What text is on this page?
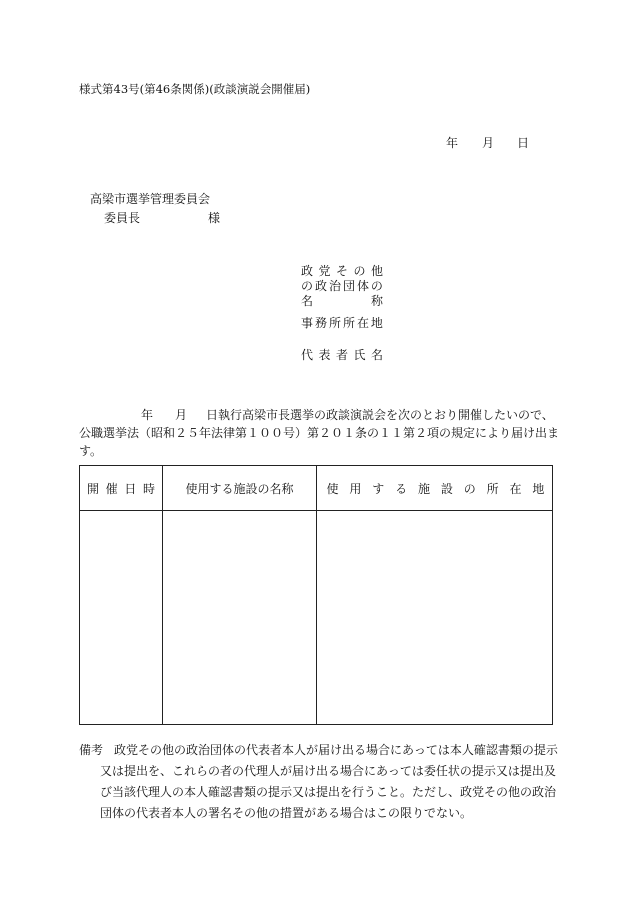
様式第43号(第46条関係)(政談演説会開催届)
年 月 日
高梁市選挙管理委員会
委員長	様
政 党 そ の 他
の 政 治 団 体 の
名	称
事 務 所 所 在 地
代 表 者 氏 名
年 月 日執行高梁市長選挙の政談演説会を次のとおり開催したいので、
公職選挙法（昭和２５年法律第１００号）第２０１条の１１第２項の規定により届け出ま
す。
開 催 日 時	使用する施設の名称	使 用 す る 施 設 の 所 在 地
備考 政党その他の政治団体の代表者本人が届け出る場合にあっては本人確認書類の提示
又は提出を、これらの者の代理人が届け出る場合にあっては委任状の提示又は提出及
び当該代理人の本人確認書類の提示又は提出を行うこと。ただし、政党その他の政治
団体の代表者本人の署名その他の措置がある場合はこの限りでない。
